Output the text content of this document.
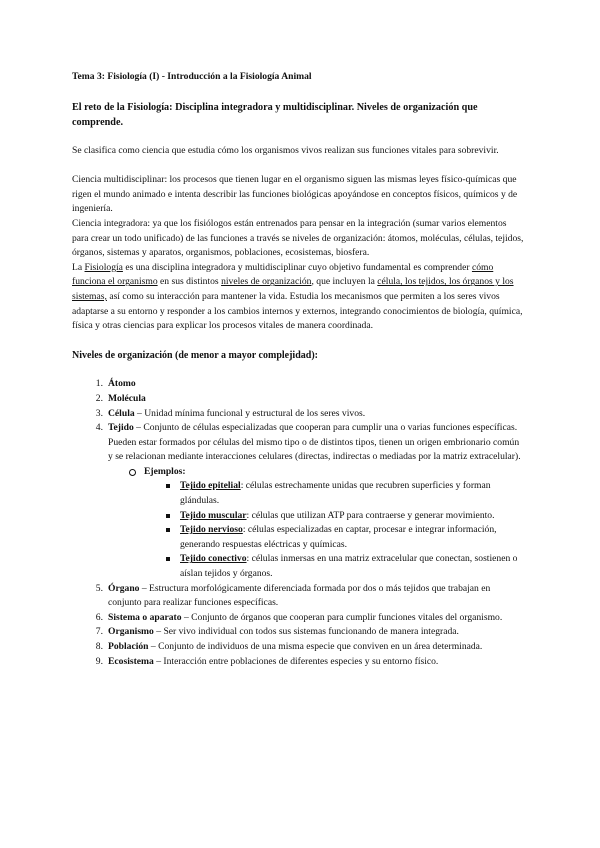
Tema 3: Fisiología (I) - Introducción a la Fisiología Animal

El reto de la Fisiología: Disciplina integradora y multidisciplinar. Niveles de organización que comprende.

Se clasifica como ciencia que estudia cómo los organismos vivos realizan sus funciones vitales para sobrevivir.

Ciencia multidisciplinar: los procesos que tienen lugar en el organismo siguen las mismas leyes físico-químicas que rigen el mundo animado e intenta describir las funciones biológicas apoyándose en conceptos físicos, químicos y de ingeniería.

Ciencia integradora: ya que los fisiólogos están entrenados para pensar en la integración (sumar varios elementos para crear un todo unificado) de las funciones a través se niveles de organización: átomos, moléculas, células, tejidos, órganos, sistemas y aparatos, organismos, poblaciones, ecosistemas, biosfera.

La Fisiología es una disciplina integradora y multidisciplinar cuyo objetivo fundamental es comprender cómo funciona el organismo en sus distintos niveles de organización, que incluyen la célula, los tejidos, los órganos y los sistemas, así como su interacción para mantener la vida. Estudia los mecanismos que permiten a los seres vivos adaptarse a su entorno y responder a los cambios internos y externos, integrando conocimientos de biología, química, física y otras ciencias para explicar los procesos vitales de manera coordinada.

Niveles de organización (de menor a mayor complejidad):

1. Átomo
2. Molécula
3. Célula – Unidad mínima funcional y estructural de los seres vivos.
4. Tejido – Conjunto de células especializadas que cooperan para cumplir una o varias funciones específicas. Pueden estar formados por células del mismo tipo o de distintos tipos, tienen un origen embrionario común y se relacionan mediante interacciones celulares (directas, indirectas o mediadas por la matriz extracelular).
Ejemplos:
Tejido epitelial: células estrechamente unidas que recubren superficies y forman glándulas.
Tejido muscular: células que utilizan ATP para contraerse y generar movimiento.
Tejido nervioso: células especializadas en captar, procesar e integrar información, generando respuestas eléctricas y químicas.
Tejido conectivo: células inmersas en una matriz extracelular que conectan, sostienen o aíslan tejidos y órganos.
5. Órgano – Estructura morfológicamente diferenciada formada por dos o más tejidos que trabajan en conjunto para realizar funciones específicas.
6. Sistema o aparato – Conjunto de órganos que cooperan para cumplir funciones vitales del organismo.
7. Organismo – Ser vivo individual con todos sus sistemas funcionando de manera integrada.
8. Población – Conjunto de individuos de una misma especie que conviven en un área determinada.
9. Ecosistema – Interacción entre poblaciones de diferentes especies y su entorno físico.
